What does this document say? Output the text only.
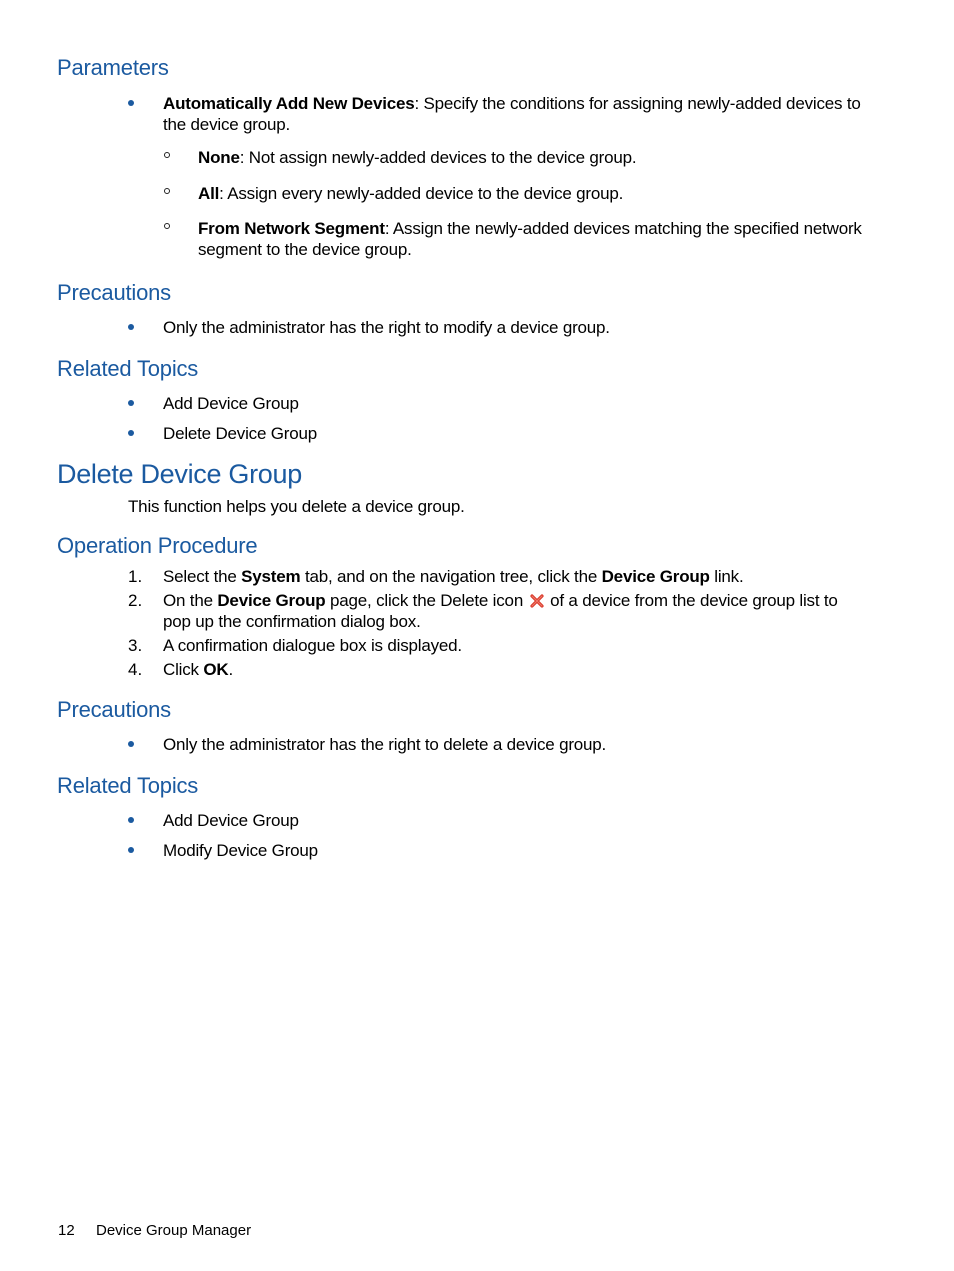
Parameters
Automatically Add New Devices: Specify the conditions for assigning newly-added devices to the device group.
None: Not assign newly-added devices to the device group.
All: Assign every newly-added device to the device group.
From Network Segment: Assign the newly-added devices matching the specified network segment to the device group.
Precautions
Only the administrator has the right to modify a device group.
Related Topics
Add Device Group
Delete Device Group
Delete Device Group
This function helps you delete a device group.
Operation Procedure
1.	Select the System tab, and on the navigation tree, click the Device Group link.
2.	On the Device Group page, click the Delete icon  of a device from the device group list to pop up the confirmation dialog box.
3.	A confirmation dialogue box is displayed.
4.	Click OK.
Precautions
Only the administrator has the right to delete a device group.
Related Topics
Add Device Group
Modify Device Group
12 Device Group Manager
